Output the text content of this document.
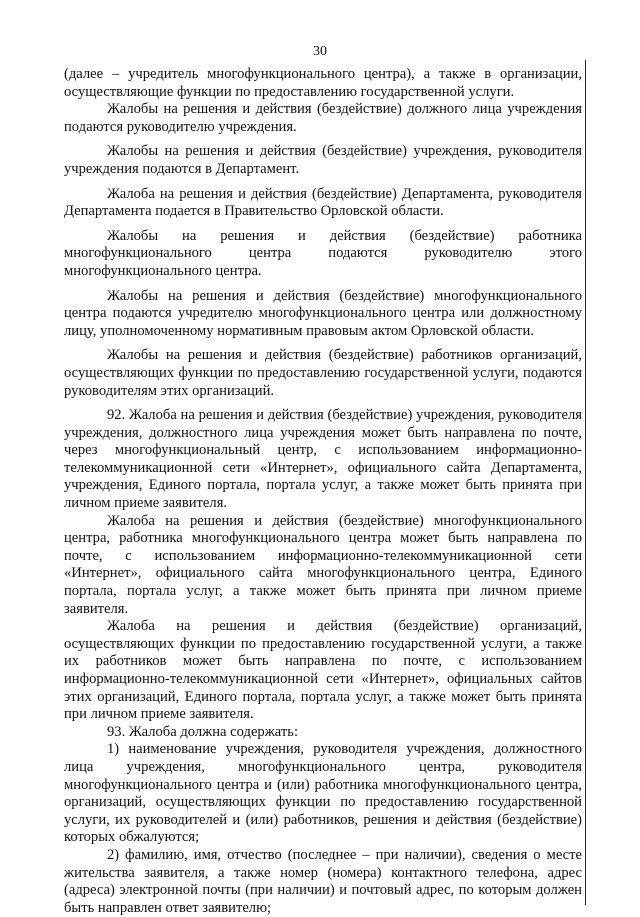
30

(далее – учредитель многофункционального центра), а также в организации, осуществляющие функции по предоставлению государственной услуги.

Жалобы на решения и действия (бездействие) должного лица учреждения подаются руководителю учреждения.

Жалобы на решения и действия (бездействие) учреждения, руководителя учреждения подаются в Департамент.

Жалоба на решения и действия (бездействие) Департамента, руководителя Департамента подается в Правительство Орловской области.

Жалобы на решения и действия (бездействие) работника многофункционального центра подаются руководителю этого многофункционального центра.

Жалобы на решения и действия (бездействие) многофункционального центра подаются учредителю многофункционального центра или должностному лицу, уполномоченному нормативным правовым актом Орловской области.

Жалобы на решения и действия (бездействие) работников организаций, осуществляющих функции по предоставлению государственной услуги, подаются руководителям этих организаций.

92. Жалоба на решения и действия (бездействие) учреждения, руководителя учреждения, должностного лица учреждения может быть направлена по почте, через многофункциональный центр, с использованием информационно-телекоммуникационной сети «Интернет», официального сайта Департамента, учреждения, Единого портала, портала услуг, а также может быть принята при личном приеме заявителя.

Жалоба на решения и действия (бездействие) многофункционального центра, работника многофункционального центра может быть направлена по почте, с использованием информационно-телекоммуникационной сети «Интернет», официального сайта многофункционального центра, Единого портала, портала услуг, а также может быть принята при личном приеме заявителя.

Жалоба на решения и действия (бездействие) организаций, осуществляющих функции по предоставлению государственной услуги, а также их работников может быть направлена по почте, с использованием информационно-телекоммуникационной сети «Интернет», официальных сайтов этих организаций, Единого портала, портала услуг, а также может быть принята при личном приеме заявителя.

93. Жалоба должна содержать:

1) наименование учреждения, руководителя учреждения, должностного лица учреждения, многофункционального центра, руководителя многофункционального центра и (или) работника многофункционального центра, организаций, осуществляющих функции по предоставлению государственной услуги, их руководителей и (или) работников, решения и действия (бездействие) которых обжалуются;

2) фамилию, имя, отчество (последнее – при наличии), сведения о месте жительства заявителя, а также номер (номера) контактного телефона, адрес (адреса) электронной почты (при наличии) и почтовый адрес, по которым должен быть направлен ответ заявителю;
